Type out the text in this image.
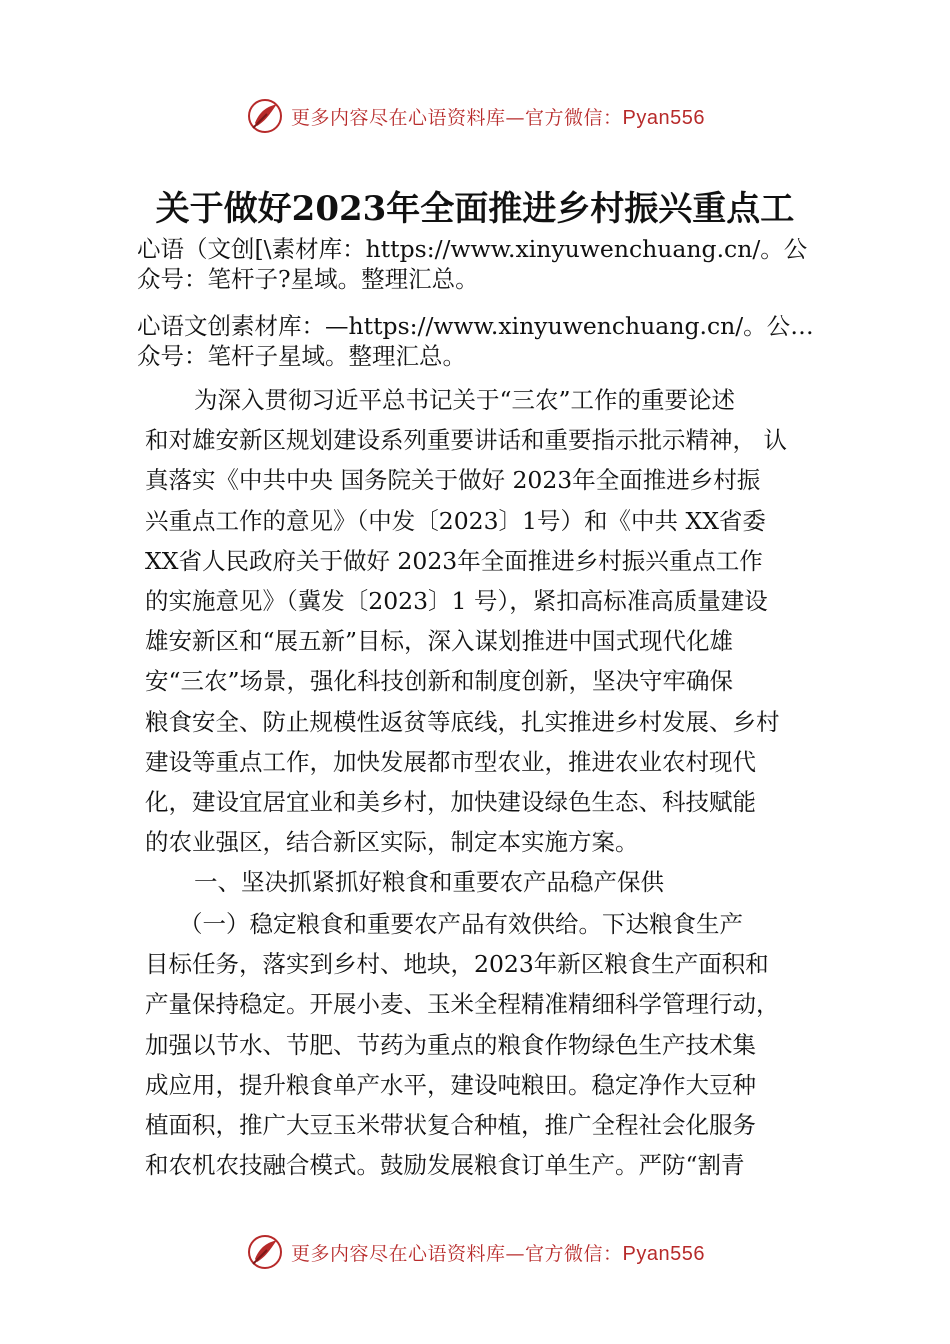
更多内容尽在心语资料库—官方微信：Pyan556
关于做好2023年全面推进乡村振兴重点工
心语（文创[\素材库：https://www.xinyuwenchuang.cn/。公
众号：笔杆子?星域。整理汇总。
心语文创素材库：—https://www.xinyuwenchuang.cn/。公@…
众号：笔杆子星域。整理汇总。
为深入贯彻习近平总书记关于“三农”工作的重要论述
和对雄安新区规划建设系列重要讲话和重要指示批示精神， 认
真落实《中共中央 国务院关于做好 2023年全面推进乡村振
兴重点工作的意见》（中发〔2023〕1号）和《中共 XX省委
XX省人民政府关于做好 2023年全面推进乡村振兴重点工作
的实施意见》（冀发〔2023〕1 号），紧扣高标准高质量建设
雄安新区和“展五新”目标，深入谋划推进中国式现代化雄
安“三农”场景，强化科技创新和制度创新，坚决守牢确保
粮食安全、防止规模性返贫等底线，扎实推进乡村发展、乡村
建设等重点工作，加快发展都市型农业，推进农业农村现代
化，建设宜居宜业和美乡村，加快建设绿色生态、科技赋能
的农业强区，结合新区实际，制定本实施方案。
一、坚决抓紧抓好粮食和重要农产品稳产保供
（一）稳定粮食和重要农产品有效供给。下达粮食生产
目标任务，落实到乡村、地块，2023年新区粮食生产面积和
产量保持稳定。开展小麦、玉米全程精准精细科学管理行动，
加强以节水、节肥、节药为重点的粮食作物绿色生产技术集
成应用，提升粮食单产水平，建设吨粮田。稳定净作大豆种
植面积，推广大豆玉米带状复合种植，推广全程社会化服务
和农机农技融合模式。鼓励发展粮食订单生产。严防“割青
更多内容尽在心语资料库—官方微信：Pyan556
